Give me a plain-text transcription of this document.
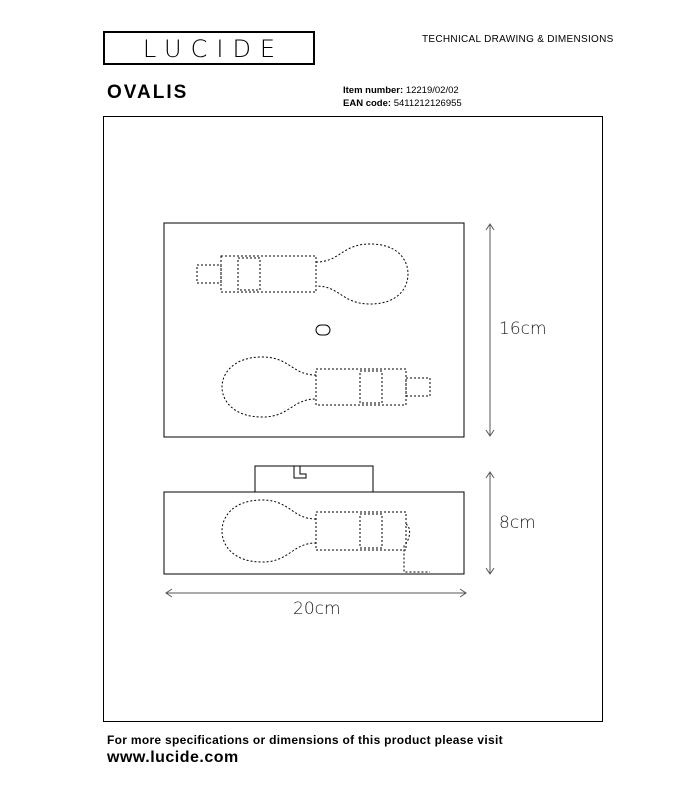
LUCIDE	TECHNICAL DRAWING & DIMENSIONS
OVALIS	Item number: 12219/02/02
EAN code: 5411212126955
16cm
8cm
20cm
For more specifications or dimensions of this product please visit
www.lucide.com
